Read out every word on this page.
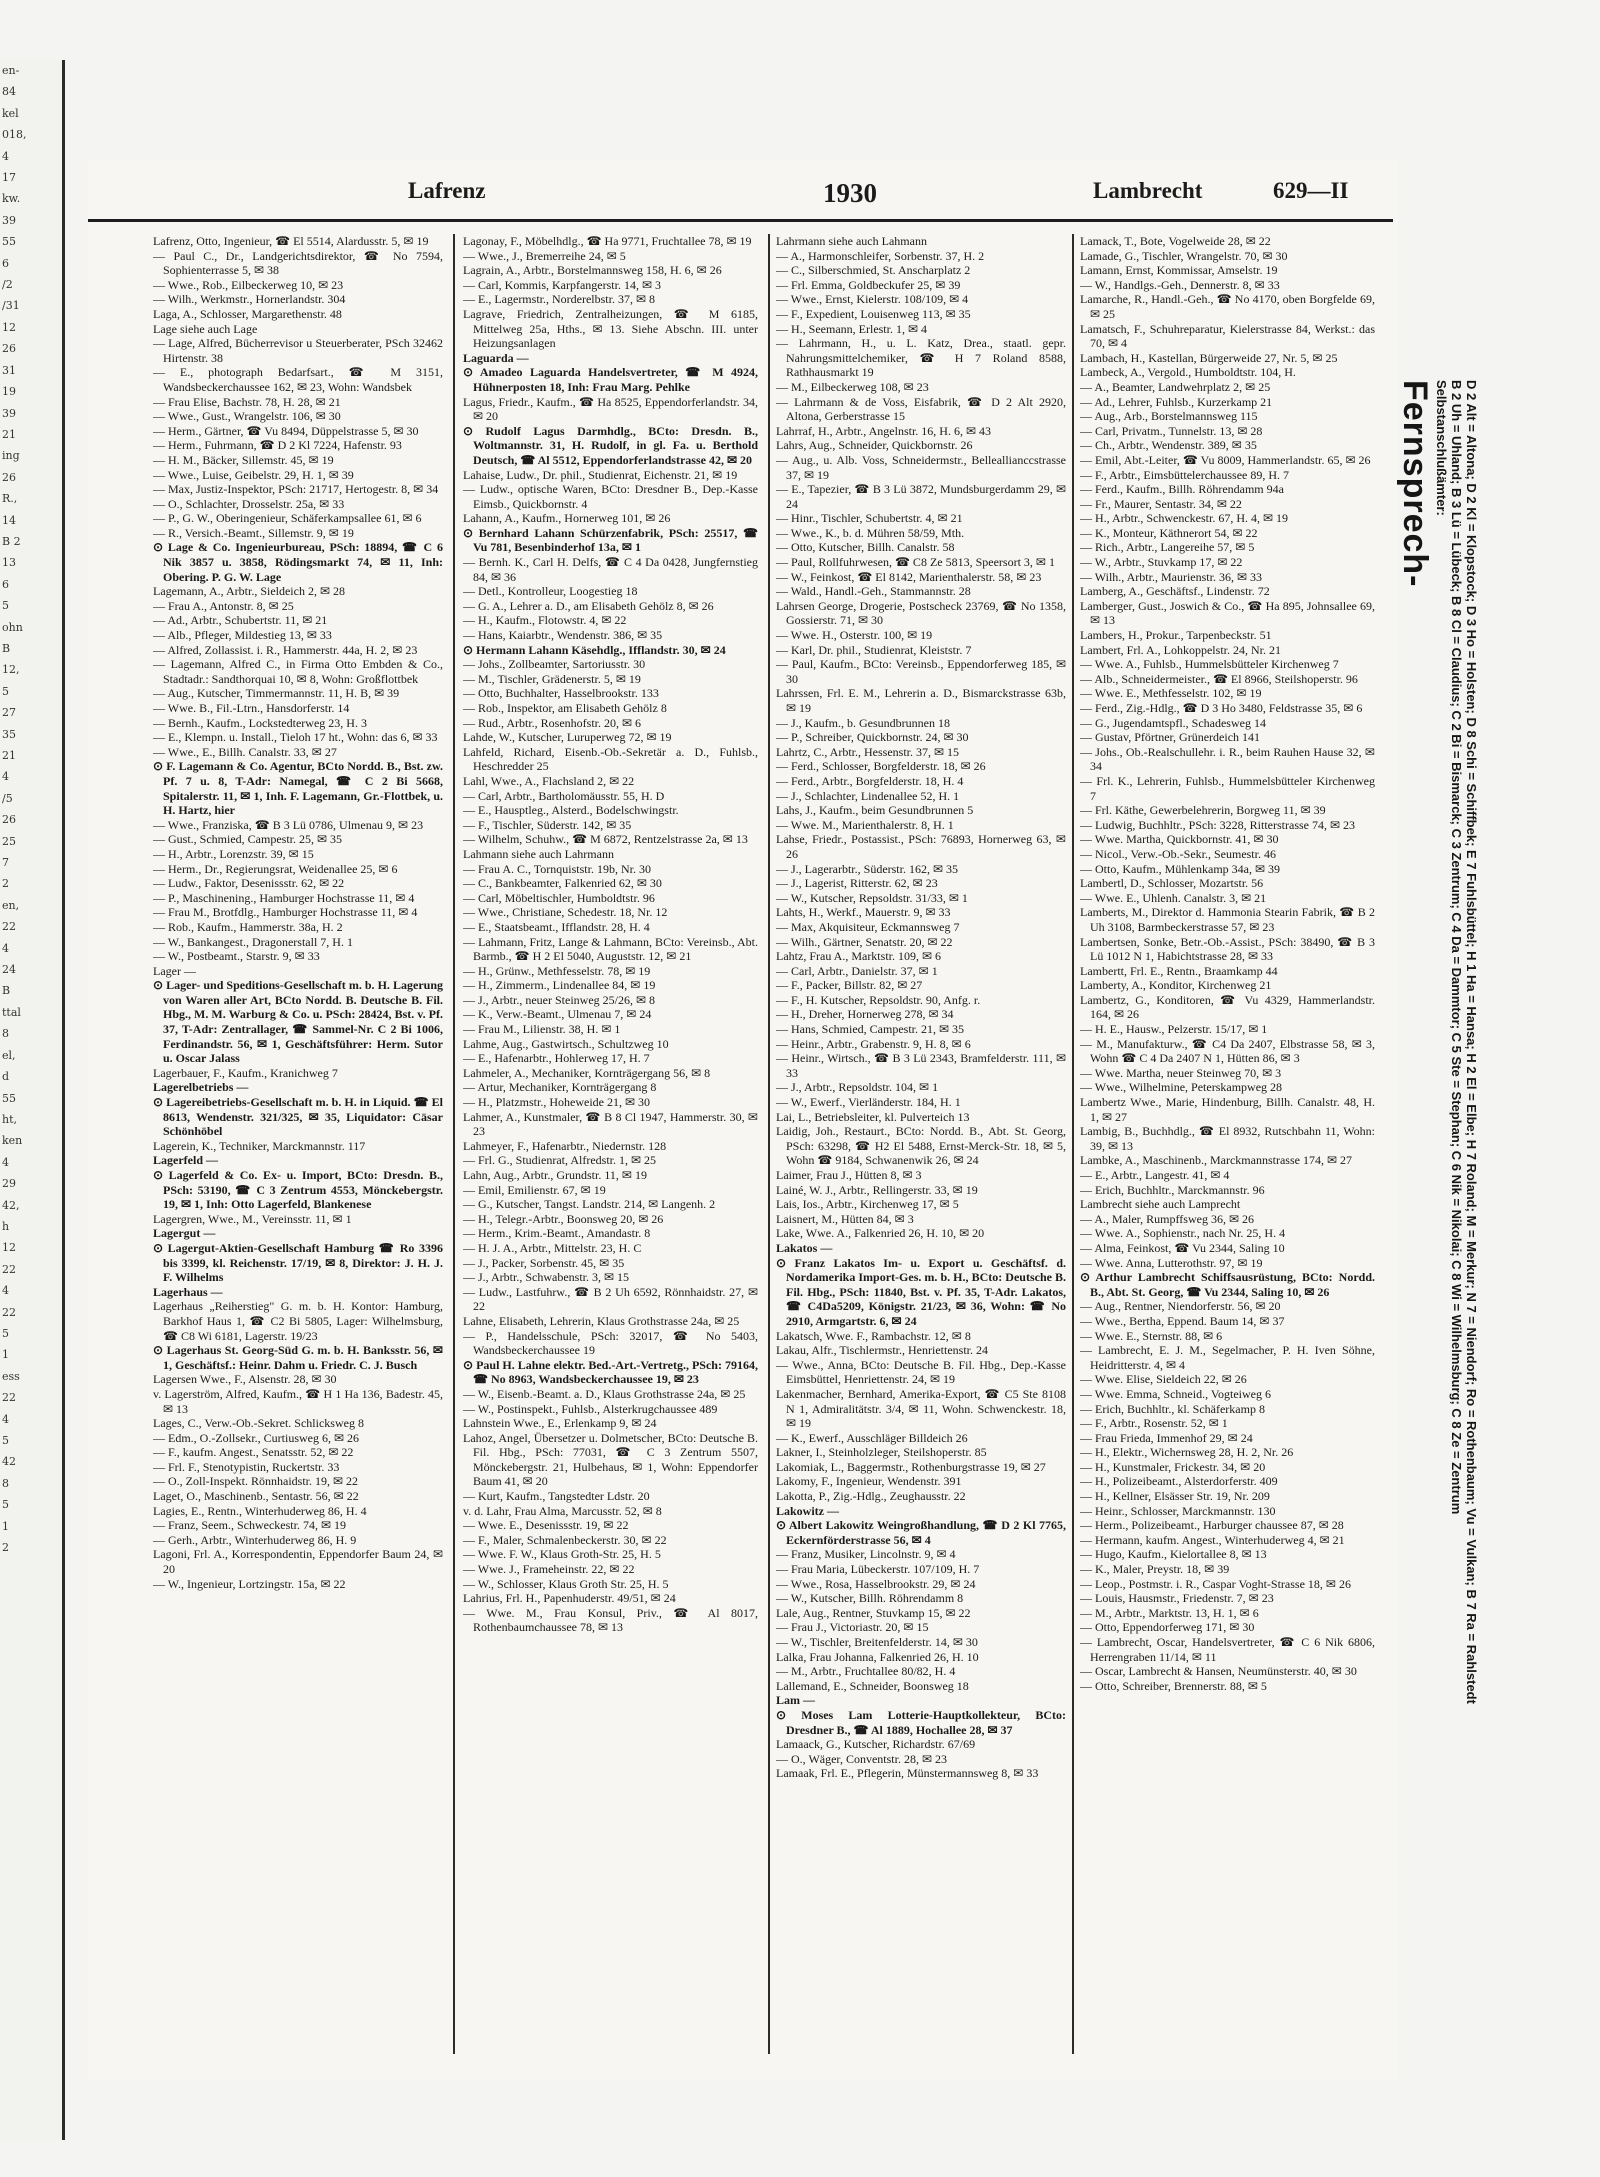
en-
84
kel
018,
4
17
kw.
39
55
6
/2
/31
12
26
31
19
39
21
ing
26
R.,
14
B 2
13
6
5
ohn
B
12,
5
27
35
21
4
/5
26
25
7
2
en,
22
4
24
B
ttal
8
el,
d
55
ht,
ken
4
29
42,
h
12
22
4
22
5
1
ess
22
4
5
42
8
5
1
2
Lafrenz	1930	Lambrecht	629—II

Lafrenz, Otto, Ingenieur, ☎ El 5514, Alardusstr. 5, ✉ 19

— Paul C., Dr., Landgerichtsdirektor, ☎ No 7594, Sophienterrasse 5, ✉ 38

— Wwe., Rob., Eilbeckerweg 10, ✉ 23

— Wilh., Werkmstr., Hornerlandstr. 304

Laga, A., Schlosser, Margarethenstr. 48

Lage siehe auch Lage

— Lage, Alfred, Bücherrevisor u Steuerberater, PSch 32462 Hirtenstr. 38

— E., photograph Bedarfsart., ☎ M 3151, Wandsbeckerchaussee 162, ✉ 23, Wohn: Wandsbek

— Frau Elise, Bachstr. 78, H. 28, ✉ 21

— Wwe., Gust., Wrangelstr. 106, ✉ 30

— Herm., Gärtner, ☎ Vu 8494, Düppelstrasse 5, ✉ 30

— Herm., Fuhrmann, ☎ D 2 Kl 7224, Hafenstr. 93

— H. M., Bäcker, Sillemstr. 45, ✉ 19

— Wwe., Luise, Geibelstr. 29, H. 1, ✉ 39

— Max, Justiz-Inspektor, PSch: 21717, Hertogestr. 8, ✉ 34

— O., Schlachter, Drosselstr. 25a, ✉ 33

— P., G. W., Oberingenieur, Schäferkampsallee 61, ✉ 6

— R., Versich.-Beamt., Sillemstr. 9, ✉ 19

⊙ Lage & Co. Ingenieurbureau, PSch: 18894, ☎ C 6 Nik 3857 u. 3858, Rödingsmarkt 74, ✉ 11, Inh: Obering. P. G. W. Lage

Lagemann, A., Arbtr., Sieldeich 2, ✉ 28

— Frau A., Antonstr. 8, ✉ 25

— Ad., Arbtr., Schubertstr. 11, ✉ 21

— Alb., Pfleger, Mildestieg 13, ✉ 33

— Alfred, Zollassist. i. R., Hammerstr. 44a, H. 2, ✉ 23

— Lagemann, Alfred C., in Firma Otto Embden & Co., Stadtadr.: Sandthorquai 10, ✉ 8, Wohn: Großflottbek

— Aug., Kutscher, Timmermannstr. 11, H. B, ✉ 39

— Wwe. B., Fil.-Ltrn., Hansdorferstr. 14

— Bernh., Kaufm., Lockstedterweg 23, H. 3

— E., Klempn. u. Install., Tieloh 17 ht., Wohn: das 6, ✉ 33

— Wwe., E., Billh. Canalstr. 33, ✉ 27

⊙ F. Lagemann & Co. Agentur, BCto Nordd. B., Bst. zw. Pf. 7 u. 8, T-Adr: Namegal, ☎ C 2 Bi 5668, Spitalerstr. 11, ✉ 1, Inh. F. Lagemann, Gr.-Flottbek, u. H. Hartz, hier

— Wwe., Franziska, ☎ B 3 Lü 0786, Ulmenau 9, ✉ 23

— Gust., Schmied, Campestr. 25, ✉ 35

— H., Arbtr., Lorenzstr. 39, ✉ 15

— Herm., Dr., Regierungsrat, Weidenallee 25, ✉ 6

— Ludw., Faktor, Desenissstr. 62, ✉ 22

— P., Maschinening., Hamburger Hochstrasse 11, ✉ 4

— Frau M., Brotfdlg., Hamburger Hochstrasse 11, ✉ 4

— Rob., Kaufm., Hammerstr. 38a, H. 2

— W., Bankangest., Dragonerstall 7, H. 1

— W., Postbeamt., Starstr. 9, ✉ 33

Lager —

⊙ Lager- und Speditions-Gesellschaft m. b. H. Lagerung von Waren aller Art, BCto Nordd. B. Deutsche B. Fil. Hbg., M. M. Warburg & Co. u. PSch: 28424, Bst. v. Pf. 37, T-Adr: Zentrallager, ☎ Sammel-Nr. C 2 Bi 1006, Ferdinandstr. 56, ✉ 1, Geschäftsführer: Herm. Sutor u. Oscar Jalass

Lagerbauer, F., Kaufm., Kranichweg 7

Lagerelbetriebs —

⊙ Lagereibetriebs-Gesellschaft m. b. H. in Liquid. ☎ El 8613, Wendenstr. 321/325, ✉ 35, Liquidator: Cäsar Schönhöbel

Lagerein, K., Techniker, Marckmannstr. 117

Lagerfeld —

⊙ Lagerfeld & Co. Ex- u. Import, BCto: Dresdn. B., PSch: 53190, ☎ C 3 Zentrum 4553, Mönckebergstr. 19, ✉ 1, Inh: Otto Lagerfeld, Blankenese

Lagergren, Wwe., M., Vereinsstr. 11, ✉ 1

Lagergut —

⊙ Lagergut-Aktien-Gesellschaft Hamburg ☎ Ro 3396 bis 3399, kl. Reichenstr. 17/19, ✉ 8, Direktor: J. H. J. F. Wilhelms

Lagerhaus —

Lagerhaus „Reiherstieg" G. m. b. H. Kontor: Hamburg, Barkhof Haus 1, ☎ C2 Bi 5805, Lager: Wilhelmsburg, ☎ C8 Wi 6181, Lagerstr. 19/23

⊙ Lagerhaus St. Georg-Süd G. m. b. H. Banksstr. 56, ✉ 1, Geschäftsf.: Heinr. Dahm u. Friedr. C. J. Busch

Lagersen Wwe., F., Alsenstr. 28, ✉ 30

v. Lagerström, Alfred, Kaufm., ☎ H 1 Ha 136, Badestr. 45, ✉ 13

Lages, C., Verw.-Ob.-Sekret. Schlicksweg 8

— Edm., O.-Zollsekr., Curtiusweg 6, ✉ 26

— F., kaufm. Angest., Senatsstr. 52, ✉ 22

— Frl. F., Stenotypistin, Ruckertstr. 33

— O., Zoll-Inspekt. Rönnhaidstr. 19, ✉ 22

Laget, O., Maschinenb., Sentastr. 56, ✉ 22

Lagies, E., Rentn., Winterhuderweg 86, H. 4

— Franz, Seem., Schweckestr. 74, ✉ 19

— Gerh., Arbtr., Winterhuderweg 86, H. 9

Lagoni, Frl. A., Korrespondentin, Eppendorfer Baum 24, ✉ 20

— W., Ingenieur, Lortzingstr. 15a, ✉ 22

Lagonay, F., Möbelhdlg., ☎ Ha 9771, Fruchtallee 78, ✉ 19

— Wwe., J., Bremerreihe 24, ✉ 5

Lagrain, A., Arbtr., Borstelmannsweg 158, H. 6, ✉ 26

— Carl, Kommis, Karpfangerstr. 14, ✉ 3

— E., Lagermstr., Norderelbstr. 37, ✉ 8

Lagrave, Friedrich, Zentralheizungen, ☎ M 6185, Mittelweg 25a, Hths., ✉ 13. Siehe Abschn. III. unter Heizungsanlagen

Laguarda —

⊙ Amadeo Laguarda Handelsvertreter, ☎ M 4924, Hühnerposten 18, Inh: Frau Marg. Pehlke

Lagus, Friedr., Kaufm., ☎ Ha 8525, Eppendorferlandstr. 34, ✉ 20

⊙ Rudolf Lagus Darmhdlg., BCto: Dresdn. B., Woltmannstr. 31, H. Rudolf, in gl. Fa. u. Berthold Deutsch, ☎ Al 5512, Eppendorferlandstrasse 42, ✉ 20

Lahaise, Ludw., Dr. phil., Studienrat, Eichenstr. 21, ✉ 19

— Ludw., optische Waren, BCto: Dresdner B., Dep.-Kasse Eimsb., Quickbornstr. 4

Lahann, A., Kaufm., Hornerweg 101, ✉ 26

⊙ Bernhard Lahann Schürzenfabrik, PSch: 25517, ☎ Vu 781, Besenbinderhof 13a, ✉ 1

— Bernh. K., Carl H. Delfs, ☎ C 4 Da 0428, Jungfernstieg 84, ✉ 36

— Detl., Kontrolleur, Loogestieg 18

— G. A., Lehrer a. D., am Elisabeth Gehölz 8, ✉ 26

— H., Kaufm., Flotowstr. 4, ✉ 22

— Hans, Kaiarbtr., Wendenstr. 386, ✉ 35

⊙ Hermann Lahann Käsehdlg., Ifflandstr. 30, ✉ 24

— Johs., Zollbeamter, Sartoriusstr. 30

— M., Tischler, Grädenerstr. 5, ✉ 19

— Otto, Buchhalter, Hasselbrookstr. 133

— Rob., Inspektor, am Elisabeth Gehölz 8

— Rud., Arbtr., Rosenhofstr. 20, ✉ 6

Lahde, W., Kutscher, Luruperweg 72, ✉ 19

Lahfeld, Richard, Eisenb.-Ob.-Sekretär a. D., Fuhlsb., Heschredder 25

Lahl, Wwe., A., Flachsland 2, ✉ 22

— Carl, Arbtr., Bartholomäusstr. 55, H. D

— E., Hausptleg., Alsterd., Bodelschwingstr.

— F., Tischler, Süderstr. 142, ✉ 35

— Wilhelm, Schuhw., ☎ M 6872, Rentzelstrasse 2a, ✉ 13

Lahmann siehe auch Lahrmann

— Frau A. C., Tornquiststr. 19b, Nr. 30

— C., Bankbeamter, Falkenried 62, ✉ 30

— Carl, Möbeltischler, Humboldtstr. 96

— Wwe., Christiane, Schedestr. 18, Nr. 12

— E., Staatsbeamt., Ifflandstr. 28, H. 4

— Lahmann, Fritz, Lange & Lahmann, BCto: Vereinsb., Abt. Barmb., ☎ H 2 El 5040, Auguststr. 12, ✉ 21

— H., Grünw., Methfesselstr. 78, ✉ 19

— H., Zimmerm., Lindenallee 84, ✉ 19

— J., Arbtr., neuer Steinweg 25/26, ✉ 8

— K., Verw.-Beamt., Ulmenau 7, ✉ 24

— Frau M., Lilienstr. 38, H. ✉ 1

Lahme, Aug., Gastwirtsch., Schultzweg 10

— E., Hafenarbtr., Hohlerweg 17, H. 7

Lahmeler, A., Mechaniker, Kornträgergang 56, ✉ 8

— Artur, Mechaniker, Kornträgergang 8

— H., Platzmstr., Hoheweide 21, ✉ 30

Lahmer, A., Kunstmaler, ☎ B 8 Cl 1947, Hammerstr. 30, ✉ 23

Lahmeyer, F., Hafenarbtr., Niedernstr. 128

— Frl. G., Studienrat, Alfredstr. 1, ✉ 25

Lahn, Aug., Arbtr., Grundstr. 11, ✉ 19

— Emil, Emilienstr. 67, ✉ 19

— G., Kutscher, Tangst. Landstr. 214, ✉ Langenh. 2

— H., Telegr.-Arbtr., Boonsweg 20, ✉ 26

— Herm., Krim.-Beamt., Amandastr. 8

— H. J. A., Arbtr., Mittelstr. 23, H. C

— J., Packer, Sorbenstr. 45, ✉ 35

— J., Arbtr., Schwabenstr. 3, ✉ 15

— Ludw., Lastfuhrw., ☎ B 2 Uh 6592, Rönnhaidstr. 27, ✉ 22

Lahne, Elisabeth, Lehrerin, Klaus Grothstrasse 24a, ✉ 25

— P., Handelsschule, PSch: 32017, ☎ No 5403, Wandsbeckerchaussee 19

⊙ Paul H. Lahne elektr. Bed.-Art.-Vertretg., PSch: 79164, ☎ No 8963, Wandsbeckerchaussee 19, ✉ 23

— W., Eisenb.-Beamt. a. D., Klaus Grothstrasse 24a, ✉ 25

— W., Postinspekt., Fuhlsb., Alsterkrugchaussee 489

Lahnstein Wwe., E., Erlenkamp 9, ✉ 24

Lahoz, Angel, Übersetzer u. Dolmetscher, BCto: Deutsche B. Fil. Hbg., PSch: 77031, ☎ C 3 Zentrum 5507, Mönckebergstr. 21, Hulbehaus, ✉ 1, Wohn: Eppendorfer Baum 41, ✉ 20

— Kurt, Kaufm., Tangstedter Ldstr. 20

v. d. Lahr, Frau Alma, Marcusstr. 52, ✉ 8

— Wwe. E., Desenissstr. 19, ✉ 22

— F., Maler, Schmalenbeckerstr. 30, ✉ 22

— Wwe. F. W., Klaus Groth-Str. 25, H. 5

— Wwe. J., Frameheinstr. 22, ✉ 22

— W., Schlosser, Klaus Groth Str. 25, H. 5

Lahrius, Frl. H., Papenhuderstr. 49/51, ✉ 24

— Wwe. M., Frau Konsul, Priv., ☎ Al 8017, Rothenbaumchaussee 78, ✉ 13

Lahrmann siehe auch Lahmann

— A., Harmonschleifer, Sorbenstr. 37, H. 2

— C., Silberschmied, St. Anscharplatz 2

— Frl. Emma, Goldbeckufer 25, ✉ 39

— Wwe., Ernst, Kielerstr. 108/109, ✉ 4

— F., Expedient, Louisenweg 113, ✉ 35

— H., Seemann, Erlestr. 1, ✉ 4

— Lahrmann, H., u. L. Katz, Drea., staatl. gepr. Nahrungsmittelchemiker, ☎ H 7 Roland 8588, Rathhausmarkt 19

— M., Eilbeckerweg 108, ✉ 23

— Lahrmann & de Voss, Eisfabrik, ☎ D 2 Alt 2920, Altona, Gerberstrasse 15

Lahrraf, H., Arbtr., Angelnstr. 16, H. 6, ✉ 43

Lahrs, Aug., Schneider, Quickbornstr. 26

— Aug., u. Alb. Voss, Schneidermstr., Belleallianccstrasse 37, ✉ 19

— E., Tapezier, ☎ B 3 Lü 3872, Mundsburgerdamm 29, ✉ 24

— Hinr., Tischler, Schubertstr. 4, ✉ 21

— Wwe., K., b. d. Mühren 58/59, Mth.

— Otto, Kutscher, Billh. Canalstr. 58

— Paul, Rollfuhrwesen, ☎ C8 Ze 5813, Speersort 3, ✉ 1

— W., Feinkost, ☎ El 8142, Marienthalerstr. 58, ✉ 23

— Wald., Handl.-Geh., Stammannstr. 28

Lahrsen George, Drogerie, Postscheck 23769, ☎ No 1358, Gossierstr. 71, ✉ 30

— Wwe. H., Osterstr. 100, ✉ 19

— Karl, Dr. phil., Studienrat, Kleiststr. 7

— Paul, Kaufm., BCto: Vereinsb., Eppendorferweg 185, ✉ 30

Lahrssen, Frl. E. M., Lehrerin a. D., Bismarckstrasse 63b, ✉ 19

— J., Kaufm., b. Gesundbrunnen 18

— P., Schreiber, Quickbornstr. 24, ✉ 30

Lahrtz, C., Arbtr., Hessenstr. 37, ✉ 15

— Ferd., Schlosser, Borgfelderstr. 18, ✉ 26

— Ferd., Arbtr., Borgfelderstr. 18, H. 4

— J., Schlachter, Lindenallee 52, H. 1

Lahs, J., Kaufm., beim Gesundbrunnen 5

— Wwe. M., Marienthalerstr. 8, H. 1

Lahse, Friedr., Postassist., PSch: 76893, Hornerweg 63, ✉ 26

— J., Lagerarbtr., Süderstr. 162, ✉ 35

— J., Lagerist, Ritterstr. 62, ✉ 23

— W., Kutscher, Repsoldstr. 31/33, ✉ 1

Lahts, H., Werkf., Mauerstr. 9, ✉ 33

— Max, Akquisiteur, Eckmannsweg 7

— Wilh., Gärtner, Senatstr. 20, ✉ 22

Lahtz, Frau A., Marktstr. 109, ✉ 6

— Carl, Arbtr., Danielstr. 37, ✉ 1

— F., Packer, Billstr. 82, ✉ 27

— F., H. Kutscher, Repsoldstr. 90, Anfg. r.

— H., Dreher, Hornerweg 278, ✉ 34

— Hans, Schmied, Campestr. 21, ✉ 35

— Heinr., Arbtr., Grabenstr. 9, H. 8, ✉ 6

— Heinr., Wirtsch., ☎ B 3 Lü 2343, Bramfelderstr. 111, ✉ 33

— J., Arbtr., Repsoldstr. 104, ✉ 1

— W., Ewerf., Vierländerstr. 184, H. 1

Lai, L., Betriebsleiter, kl. Pulverteich 13

Laidig, Joh., Restaurt., BCto: Nordd. B., Abt. St. Georg, PSch: 63298, ☎ H2 El 5488, Ernst-Merck-Str. 18, ✉ 5, Wohn ☎ 9184, Schwanenwik 26, ✉ 24

Laimer, Frau J., Hütten 8, ✉ 3

Lainé, W. J., Arbtr., Rellingerstr. 33, ✉ 19

Lais, Ios., Arbtr., Kirchenweg 17, ✉ 5

Laisnert, M., Hütten 84, ✉ 3

Lake, Wwe. A., Falkenried 26, H. 10, ✉ 20

Lakatos —

⊙ Franz Lakatos Im- u. Export u. Geschäftsf. d. Nordamerika Import-Ges. m. b. H., BCto: Deutsche B. Fil. Hbg., PSch: 11840, Bst. v. Pf. 35, T-Adr. Lakatos, ☎ C4Da5209, Königstr. 21/23, ✉ 36, Wohn: ☎ No 2910, Armgartstr. 6, ✉ 24

Lakatsch, Wwe. F., Rambachstr. 12, ✉ 8

Lakau, Alfr., Tischlermstr., Henriettenstr. 24

— Wwe., Anna, BCto: Deutsche B. Fil. Hbg., Dep.-Kasse Eimsbüttel, Henriettenstr. 24, ✉ 19

Lakenmacher, Bernhard, Amerika-Export, ☎ C5 Ste 8108 N 1, Admiralitätstr. 3/4, ✉ 11, Wohn. Schwenckestr. 18, ✉ 19

— K., Ewerf., Ausschläger Billdeich 26

Lakner, I., Steinholzleger, Steilshoperstr. 85

Lakomiak, L., Baggermstr., Rothenburgstrasse 19, ✉ 27

Lakomy, F., Ingenieur, Wendenstr. 391

Lakotta, P., Zig.-Hdlg., Zeughausstr. 22

Lakowitz —

⊙ Albert Lakowitz Weingroßhandlung, ☎ D 2 Kl 7765, Eckernförderstrasse 56, ✉ 4

— Franz, Musiker, Lincolnstr. 9, ✉ 4

— Frau Maria, Lübeckerstr. 107/109, H. 7

— Wwe., Rosa, Hasselbrookstr. 29, ✉ 24

— W., Kutscher, Billh. Röhrendamm 8

Lale, Aug., Rentner, Stuvkamp 15, ✉ 22

— Frau J., Victoriastr. 20, ✉ 15

— W., Tischler, Breitenfelderstr. 14, ✉ 30

Lalka, Frau Johanna, Falkenried 26, H. 10

— M., Arbtr., Fruchtallee 80/82, H. 4

Lallemand, E., Schneider, Boonsweg 18

Lam —

⊙ Moses Lam Lotterie-Hauptkollekteur, BCto: Dresdner B., ☎ Al 1889, Hochallee 28, ✉ 37

Lamaack, G., Kutscher, Richardstr. 67/69

— O., Wäger, Conventstr. 28, ✉ 23

Lamaak, Frl. E., Pflegerin, Münstermannsweg 8, ✉ 33

Lamack, T., Bote, Vogelweide 28, ✉ 22

Lamade, G., Tischler, Wrangelstr. 70, ✉ 30

Lamann, Ernst, Kommissar, Amselstr. 19

— W., Handlgs.-Geh., Dennerstr. 8, ✉ 33

Lamarche, R., Handl.-Geh., ☎ No 4170, oben Borgfelde 69, ✉ 25

Lamatsch, F., Schuhreparatur, Kielerstrasse 84, Werkst.: das 70, ✉ 4

Lambach, H., Kastellan, Bürgerweide 27, Nr. 5, ✉ 25

Lambeck, A., Vergold., Humboldtstr. 104, H.

— A., Beamter, Landwehrplatz 2, ✉ 25

— Ad., Lehrer, Fuhlsb., Kurzerkamp 21

— Aug., Arb., Borstelmannsweg 115

— Carl, Privatm., Tunnelstr. 13, ✉ 28

— Ch., Arbtr., Wendenstr. 389, ✉ 35

— Emil, Abt.-Leiter, ☎ Vu 8009, Hammerlandstr. 65, ✉ 26

— F., Arbtr., Eimsbüttelerchaussee 89, H. 7

— Ferd., Kaufm., Billh. Röhrendamm 94a

— Fr., Maurer, Sentastr. 34, ✉ 22

— H., Arbtr., Schwenckestr. 67, H. 4, ✉ 19

— K., Monteur, Käthnerort 54, ✉ 22

— Rich., Arbtr., Langereihe 57, ✉ 5

— W., Arbtr., Stuvkamp 17, ✉ 22

— Wilh., Arbtr., Maurienstr. 36, ✉ 33

Lamberg, A., Geschäftsf., Lindenstr. 72

Lamberger, Gust., Joswich & Co., ☎ Ha 895, Johnsallee 69, ✉ 13

Lambers, H., Prokur., Tarpenbeckstr. 51

Lambert, Frl. A., Lohkoppelstr. 24, Nr. 21

— Wwe. A., Fuhlsb., Hummelsbütteler Kirchenweg 7

— Alb., Schneidermeister., ☎ El 8966, Steilshoperstr. 96

— Wwe. E., Methfesselstr. 102, ✉ 19

— Ferd., Zig.-Hdlg., ☎ D 3 Ho 3480, Feldstrasse 35, ✉ 6

— G., Jugendamtspfl., Schadesweg 14

— Gustav, Pförtner, Grünerdeich 141

— Johs., Ob.-Realschullehr. i. R., beim Rauhen Hause 32, ✉ 34

— Frl. K., Lehrerin, Fuhlsb., Hummelsbütteler Kirchenweg 7

— Frl. Käthe, Gewerbelehrerin, Borgweg 11, ✉ 39

— Ludwig, Buchhltr., PSch: 3228, Ritterstrasse 74, ✉ 23

— Wwe. Martha, Quickbornstr. 41, ✉ 30

— Nicol., Verw.-Ob.-Sekr., Seumestr. 46

— Otto, Kaufm., Mühlenkamp 34a, ✉ 39

Lambertl, D., Schlosser, Mozartstr. 56

— Wwe. E., Uhlenh. Canalstr. 3, ✉ 21

Lamberts, M., Direktor d. Hammonia Stearin Fabrik, ☎ B 2 Uh 3108, Barmbeckerstrasse 57, ✉ 23

Lambertsen, Sonke, Betr.-Ob.-Assist., PSch: 38490, ☎ B 3 Lü 1012 N 1, Habichtstrasse 28, ✉ 33

Lambertt, Frl. E., Rentn., Braamkamp 44

Lamberty, A., Konditor, Kirchenweg 21

Lambertz, G., Konditoren, ☎ Vu 4329, Hammerlandstr. 164, ✉ 26

— H. E., Hausw., Pelzerstr. 15/17, ✉ 1

— M., Manufakturw., ☎ C4 Da 2407, Elbstrasse 58, ✉ 3, Wohn ☎ C 4 Da 2407 N 1, Hütten 86, ✉ 3

— Wwe. Martha, neuer Steinweg 70, ✉ 3

— Wwe., Wilhelmine, Peterskampweg 28

Lambertz Wwe., Marie, Hindenburg, Billh. Canalstr. 48, H. 1, ✉ 27

Lambig, B., Buchhdlg., ☎ El 8932, Rutschbahn 11, Wohn: 39, ✉ 13

Lambke, A., Maschinenb., Marckmannstrasse 174, ✉ 27

— E., Arbtr., Langestr. 41, ✉ 4

— Erich, Buchhltr., Marckmannstr. 96

Lambrecht siehe auch Lamprecht

— A., Maler, Rumpffsweg 36, ✉ 26

— Wwe. A., Sophienstr., nach Nr. 25, H. 4

— Alma, Feinkost, ☎ Vu 2344, Saling 10

— Wwe. Anna, Lutterothstr. 97, ✉ 19

⊙ Arthur Lambrecht Schiffsausrüstung, BCto: Nordd. B., Abt. St. Georg, ☎ Vu 2344, Saling 10, ✉ 26

— Aug., Rentner, Niendorferstr. 56, ✉ 20

— Wwe., Bertha, Eppend. Baum 14, ✉ 37

— Wwe. E., Sternstr. 88, ✉ 6

— Lambrecht, E. J. M., Segelmacher, P. H. Iven Söhne, Heidritterstr. 4, ✉ 4

— Wwe. Elise, Sieldeich 22, ✉ 26

— Wwe. Emma, Schneid., Vogteiweg 6

— Erich, Buchhltr., kl. Schäferkamp 8

— F., Arbtr., Rosenstr. 52, ✉ 1

— Frau Frieda, Immenhof 29, ✉ 24

— H., Elektr., Wichernsweg 28, H. 2, Nr. 26

— H., Kunstmaler, Frickestr. 34, ✉ 20

— H., Polizeibeamt., Alsterdorferstr. 409

— H., Kellner, Elsässer Str. 19, Nr. 209

— Heinr., Schlosser, Marckmannstr. 130

— Herm., Polizeibeamt., Harburger chaussee 87, ✉ 28

— Hermann, kaufm. Angest., Winterhuderweg 4, ✉ 21

— Hugo, Kaufm., Kielortallee 8, ✉ 13

— K., Maler, Preystr. 18, ✉ 39

— Leop., Postmstr. i. R., Caspar Voght-Strasse 18, ✉ 26

— Louis, Hausmstr., Friedenstr. 7, ✉ 23

— M., Arbtr., Marktstr. 13, H. 1, ✉ 6

— Otto, Eppendorferweg 171, ✉ 30

— Lambrecht, Oscar, Handelsvertreter, ☎ C 6 Nik 6806, Herrengraben 11/14, ✉ 11

— Oscar, Lambrecht & Hansen, Neumünsterstr. 40, ✉ 30

— Otto, Schreiber, Brennerstr. 88, ✉ 5

Fernsprech- Selbstanschlußämter: B 2 Uh = Uhland; B 3 Lü = Lübeck; B 8 Cl = Claudius; C 2 Bi = Bismarck; C 3 Zentrum; C 4 Da = Dammtor; C 5 Ste = Stephan; C 6 Nik = Nikolai; C 8 Wi = Wilhelmsburg; C 8 Ze = Zentrum D 2 Alt = Altona; D 2 Kl = Klopstock; D 3 Ho = Holsten; D 8 Schi = Schiffbek; E 7 Fuhlsbüttel; H 1 Ha = Hansa; H 2 El = Elbe; H 7 Roland; M = Merkur; N 7 = Niendorf; Ro = Rothenbaum; Vu = Vulkan; B 7 Ra = Rahlstedt
